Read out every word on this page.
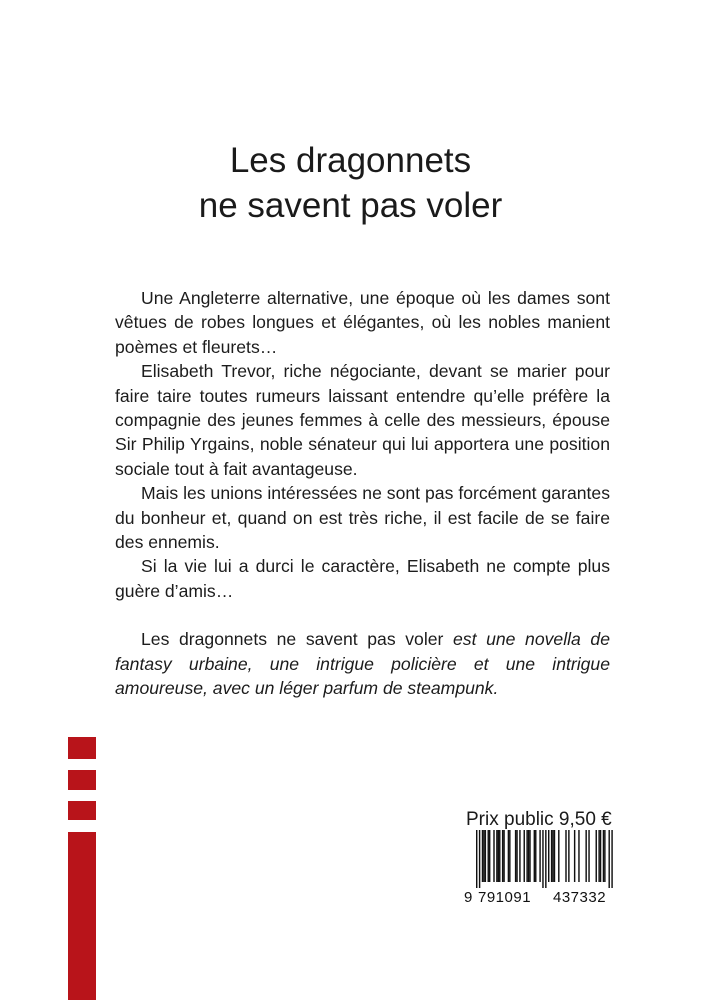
Les dragonnets
ne savent pas voler

Une Angleterre alternative, une époque où les dames sont vêtues de robes longues et élégantes, où les nobles manient poèmes et fleurets…

Elisabeth Trevor, riche négociante, devant se marier pour faire taire toutes rumeurs laissant entendre qu’elle préfère la compagnie des jeunes femmes à celle des messieurs, épouse Sir Philip Yrgains, noble sénateur qui lui apportera une position sociale tout à fait avantageuse.

Mais les unions intéressées ne sont pas forcément garantes du bonheur et, quand on est très riche, il est facile de se faire des ennemis.

Si la vie lui a durci le caractère, Elisabeth ne compte plus guère d’amis…

Les dragonnets ne savent pas voler est une novella de fantasy urbaine, une intrigue policière et une intrigue amoureuse, avec un léger parfum de steampunk.

Prix public 9,50 €
9 791091 437332
